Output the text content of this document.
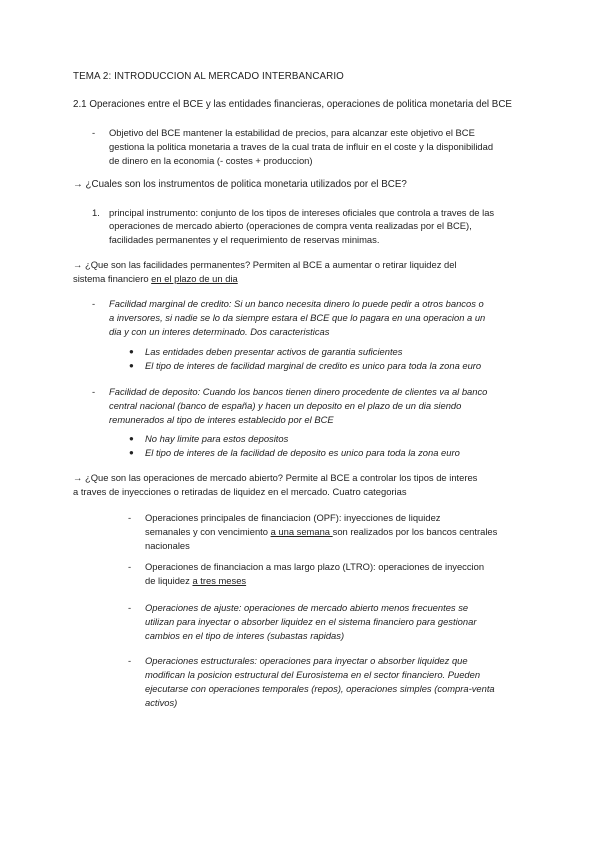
TEMA 2: INTRODUCCION AL MERCADO INTERBANCARIO

2.1 Operaciones entre el BCE y las entidades financieras, operaciones de politica monetaria del BCE

- Objetivo del BCE mantener la estabilidad de precios, para alcanzar este objetivo el BCE

gestiona la politica monetaria a traves de la cual trata de influir en el coste y la disponibilidad

de dinero en la economia (- costes + produccion)

→ ¿Cuales son los instrumentos de politica monetaria utilizados por el BCE?

1. principal instrumento: conjunto de los tipos de intereses oficiales que controla a traves de las

operaciones de mercado abierto (operaciones de compra venta realizadas por el BCE),

facilidades permanentes y el requerimiento de reservas minimas.

→ ¿Que son las facilidades permanentes? Permiten al BCE a aumentar o retirar liquidez del

sistema financiero en el plazo de un dia

- Facilidad marginal de credito: Si un banco necesita dinero lo puede pedir a otros bancos o

a inversores, si nadie se lo da siempre estara el BCE que lo pagara en una operacion a un

dia y con un interes determinado. Dos caracteristicas

● Las entidades deben presentar activos de garantia suficientes

● El tipo de interes de facilidad marginal de credito es unico para toda la zona euro

- Facilidad de deposito: Cuando los bancos tienen dinero procedente de clientes va al banco

central nacional (banco de españa) y hacen un deposito en el plazo de un dia siendo

remunerados al tipo de interes establecido por el BCE

● No hay limite para estos depositos

● El tipo de interes de la facilidad de deposito es unico para toda la zona euro

→ ¿Que son las operaciones de mercado abierto? Permite al BCE a controlar los tipos de interes

a traves de inyecciones o retiradas de liquidez en el mercado. Cuatro categorias

- Operaciones principales de financiacion (OPF): inyecciones de liquidez

semanales y con vencimiento a una semana son realizados por los bancos centrales

nacionales

- Operaciones de financiacion a mas largo plazo (LTRO): operaciones de inyeccion

de liquidez a tres meses

- Operaciones de ajuste: operaciones de mercado abierto menos frecuentes se

utilizan para inyectar o absorber liquidez en el sistema financiero para gestionar

cambios en el tipo de interes (subastas rapidas)

- Operaciones estructurales: operaciones para inyectar o absorber liquidez que

modifican la posicion estructural del Eurosistema en el sector financiero. Pueden

ejecutarse con operaciones temporales (repos), operaciones simples (compra-venta

activos)
